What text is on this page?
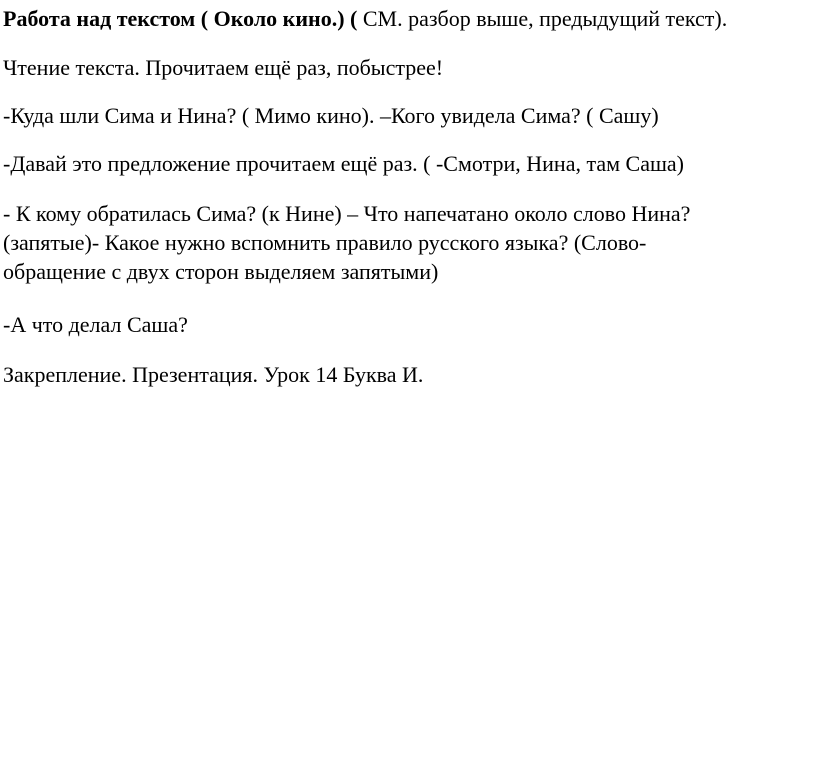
Работа над текстом ( Около кино.) ( СМ. разбор выше, предыдущий текст).

Чтение текста. Прочитаем ещё раз, побыстрее!

-Куда шли Сима и Нина? ( Мимо кино). –Кого увидела Сима? ( Сашу)

-Давай это предложение прочитаем ещё раз. ( -Смотри, Нина, там Саша)

- К кому обратилась Сима? (к Нине) – Что напечатано около слово Нина?
(запятые)- Какое нужно вспомнить правило русского языка? (Слово-
обращение с двух сторон выделяем запятыми)

-А что делал Саша?

Закрепление. Презентация. Урок 14 Буква И.
